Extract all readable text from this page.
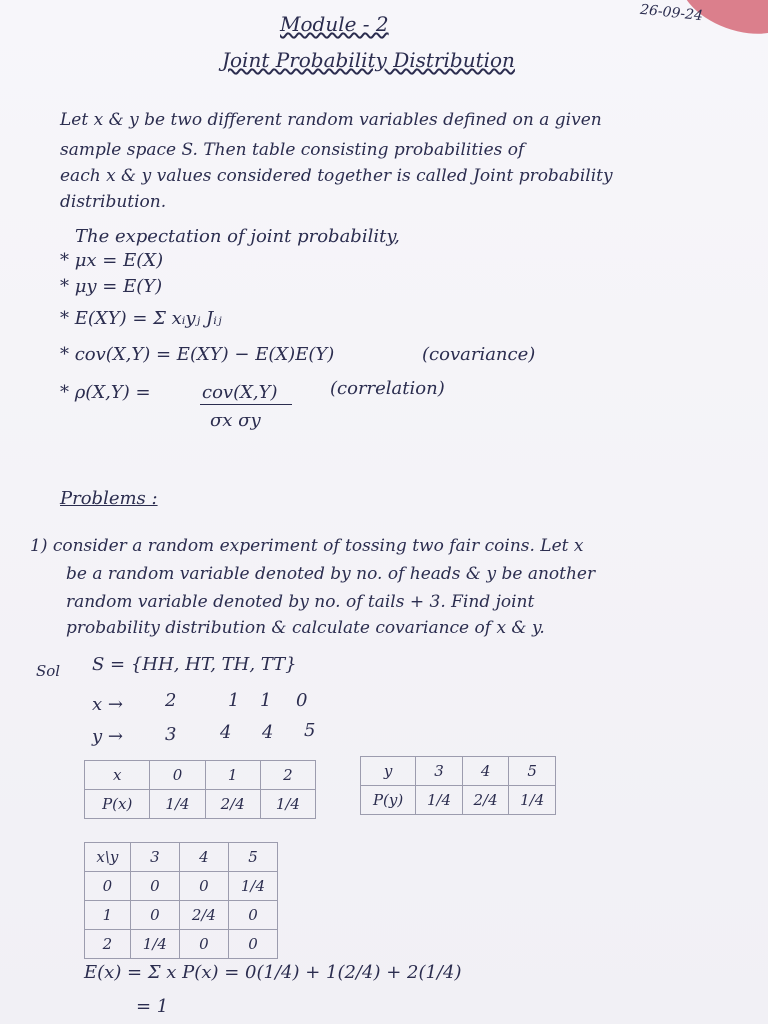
26-09-24
Module - 2
Joint Probability Distribution
Let x & y be two different random variables defined on a given
sample space S. Then table consisting probabilities of
each x & y values considered together is called Joint probability
distribution.
The expectation of joint probability,
* μx = E(X)
* μy = E(Y)
* E(XY) = Σ xᵢyⱼ Jᵢⱼ
* cov(X,Y) = E(XY) − E(X)E(Y)	(covariance)
* ρ(X,Y) =	cov(X,Y)
σx σy
(correlation)
Problems :
1) consider a random experiment of tossing two fair coins. Let x
be a random variable denoted by no. of heads & y be another
random variable denoted by no. of tails + 3. Find joint
probability distribution & calculate covariance of x & y.
Sol S = {HH, HT, TH, TT}
x → 2	1 1 0
y → 3 4 4 5
x	0	1	2
P(x)	1/4	2/4	1/4
y	3	4	5
P(y)	1/4	2/4	1/4
x\y	3	4	5
0	0	0	1/4
1	0	2/4	0
2	1/4	0	0
E(x) = Σ x P(x) = 0(1/4) + 1(2/4) + 2(1/4)
= 1
